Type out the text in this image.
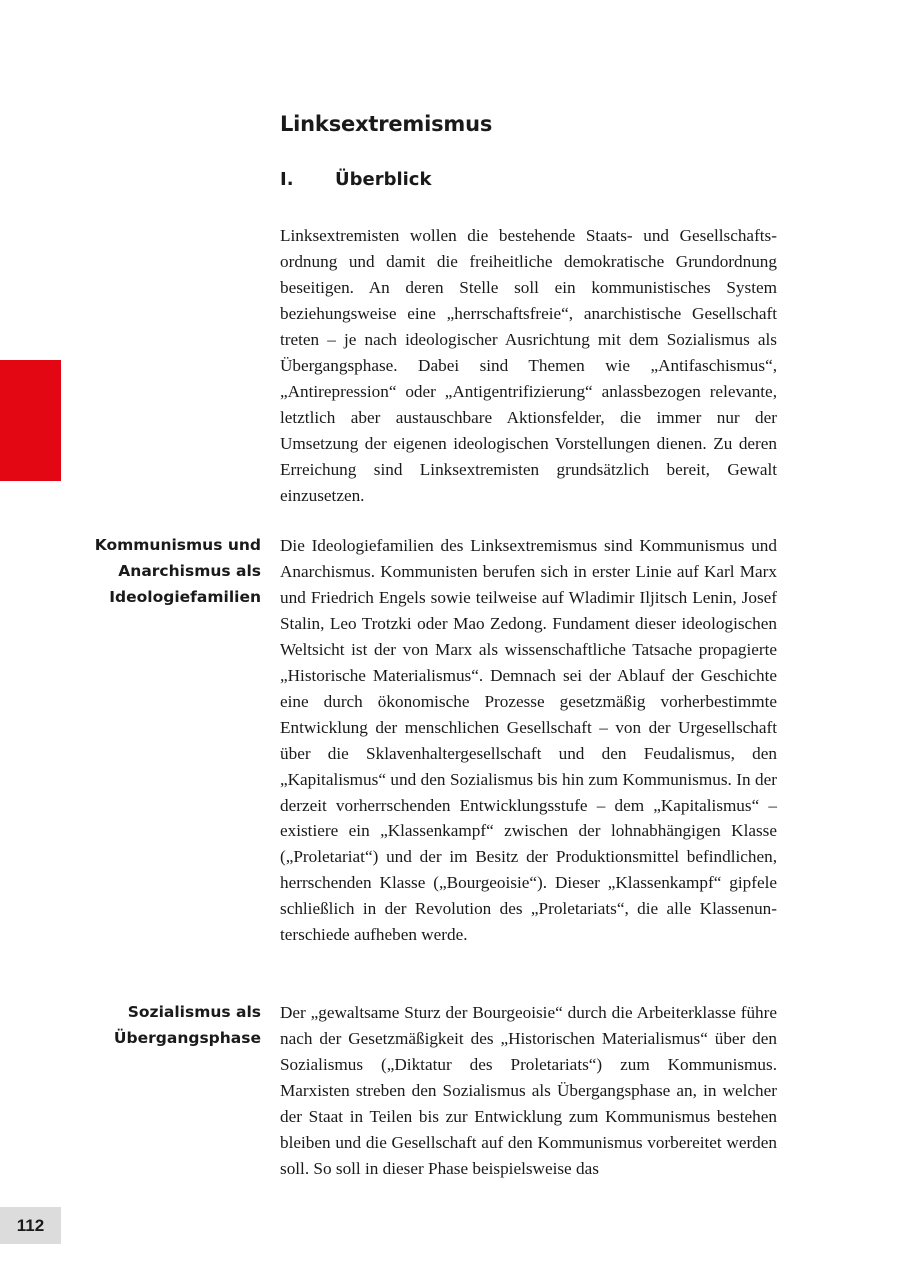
Linksextremismus
I. Überblick

Linksextremisten wollen die bestehende Staats- und Gesellschaftsordnung und damit die freiheitliche demokratische Grundordnung beseitigen. An deren Stelle soll ein kommunistisches System beziehungsweise eine „herrschaftsfreie“, anarchistische Gesellschaft treten – je nach ideologischer Ausrichtung mit dem Sozialismus als Übergangsphase. Dabei sind Themen wie „Antifaschismus“, „Antirepression“ oder „Antigentrifizierung“ anlassbezogen relevante, letztlich aber austauschbare Aktionsfelder, die immer nur der Umsetzung der eigenen ideologischen Vorstellungen dienen. Zu deren Erreichung sind Linksextremisten grundsätzlich bereit, Gewalt einzusetzen.

Kommunismus und
Anarchismus als
Ideologiefamilien

Die Ideologiefamilien des Linksextremismus sind Kommunismus und Anarchismus. Kommunisten berufen sich in erster Linie auf Karl Marx und Friedrich Engels sowie teilweise auf Wladimir Iljitsch Lenin, Josef Stalin, Leo Trotzki oder Mao Zedong. Fundament dieser ideologischen Weltsicht ist der von Marx als wissenschaftliche Tatsache propagierte „Historische Materialismus“. Demnach sei der Ablauf der Geschichte eine durch ökonomische Prozesse gesetzmäßig vorherbestimmte Entwicklung der menschlichen Gesellschaft – von der Urgesellschaft über die Sklavenhaltergesellschaft und den Feudalismus, den „Kapitalismus“ und den Sozialismus bis hin zum Kommunismus. In der derzeit vorherrschenden Entwicklungsstufe – dem „Kapitalismus“ – existiere ein „Klassenkampf“ zwischen der lohnabhängigen Klasse („Proletariat“) und der im Besitz der Produktionsmittel befindlichen, herrschenden Klasse („Bourgeoisie“). Dieser „Klassenkampf“ gipfele schließlich in der Revolution des „Proletariats“, die alle Klassenunterschiede aufheben werde.

Sozialismus als
Übergangsphase

Der „gewaltsame Sturz der Bourgeoisie“ durch die Arbeiterklasse führe nach der Gesetzmäßigkeit des „Historischen Materialismus“ über den Sozialismus („Diktatur des Proletariats“) zum Kommunismus. Marxisten streben den Sozialismus als Übergangsphase an, in welcher der Staat in Teilen bis zur Entwicklung zum Kommunismus bestehen bleiben und die Gesellschaft auf den Kommunismus vorbereitet werden soll. So soll in dieser Phase beispielsweise das

112
